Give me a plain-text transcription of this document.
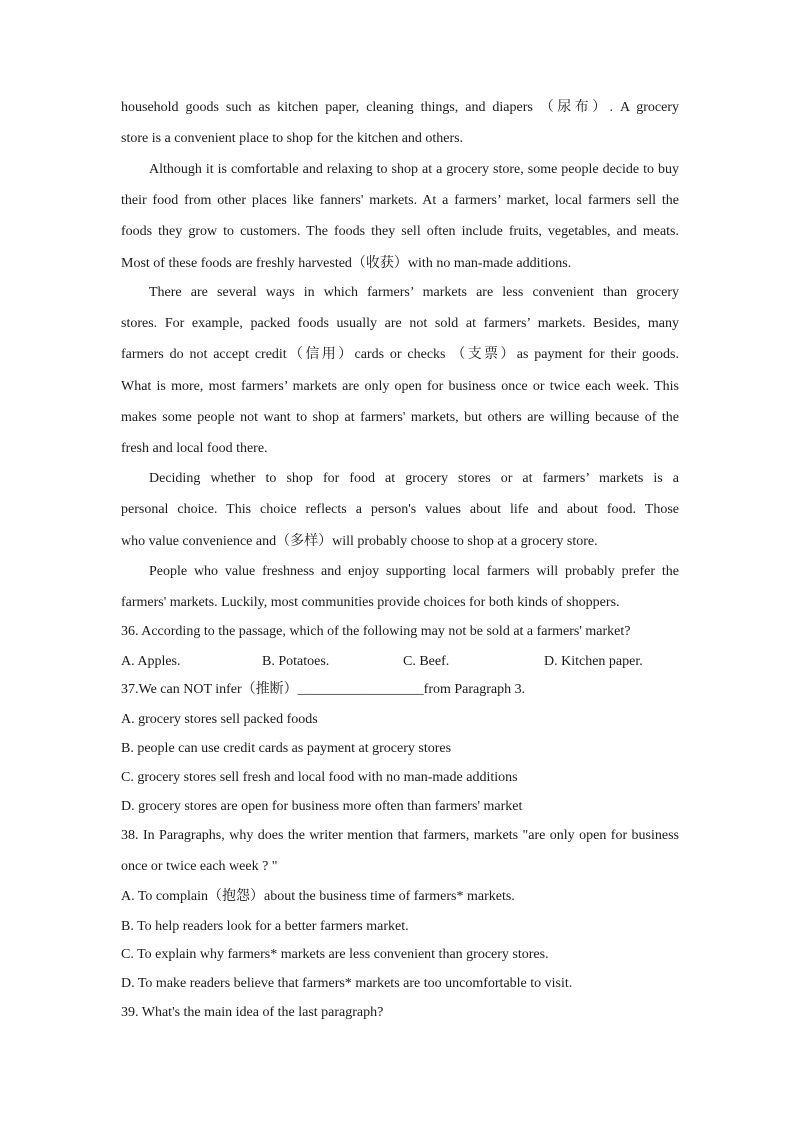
household goods such as kitchen paper, cleaning things, and diapers （尿布）. A grocery
store is a convenient place to shop for the kitchen and others.
Although it is comfortable and relaxing to shop at a grocery store, some people decide to buy
their food from other places like fanners' markets. At a farmers’ market, local farmers sell the
foods they grow to customers. The foods they sell often include fruits, vegetables, and meats.
Most of these foods are freshly harvested（收获）with no man-made additions.
There are several ways in which farmers’ markets are less convenient than grocery
stores. For example, packed foods usually are not sold at farmers’ markets. Besides, many
farmers do not accept credit（信用）cards or checks （支票）as payment for their goods.
What is more, most farmers’ markets are only open for business once or twice each week. This
makes some people not want to shop at farmers' markets, but others are willing because of the
fresh and local food there.
Deciding whether to shop for food at grocery stores or at farmers’ markets is a
personal choice. This choice reflects a person's values about life and about food. Those
who value convenience and（多样）will probably choose to shop at a grocery store.
People who value freshness and enjoy supporting local farmers will probably prefer the
farmers' markets. Luckily, most communities provide choices for both kinds of shoppers.
36. According to the passage, which of the following may not be sold at a farmers' market?
A. Apples.	B. Potatoes.	C. Beef.	D. Kitchen paper.
37.We can NOT infer（推断）__________________from Paragraph 3.
A. grocery stores sell packed foods
B. people can use credit cards as payment at grocery stores
C. grocery stores sell fresh and local food with no man-made additions
D. grocery stores are open for business more often than farmers' market
38. In Paragraphs, why does the writer mention that farmers, markets "are only open for business
once or twice each week ? "
A. To complain（抱怨）about the business time of farmers* markets.
B. To help readers look for a better farmers market.
C. To explain why farmers* markets are less convenient than grocery stores.
D. To make readers believe that farmers* markets are too uncomfortable to visit.
39. What's the main idea of the last paragraph?
